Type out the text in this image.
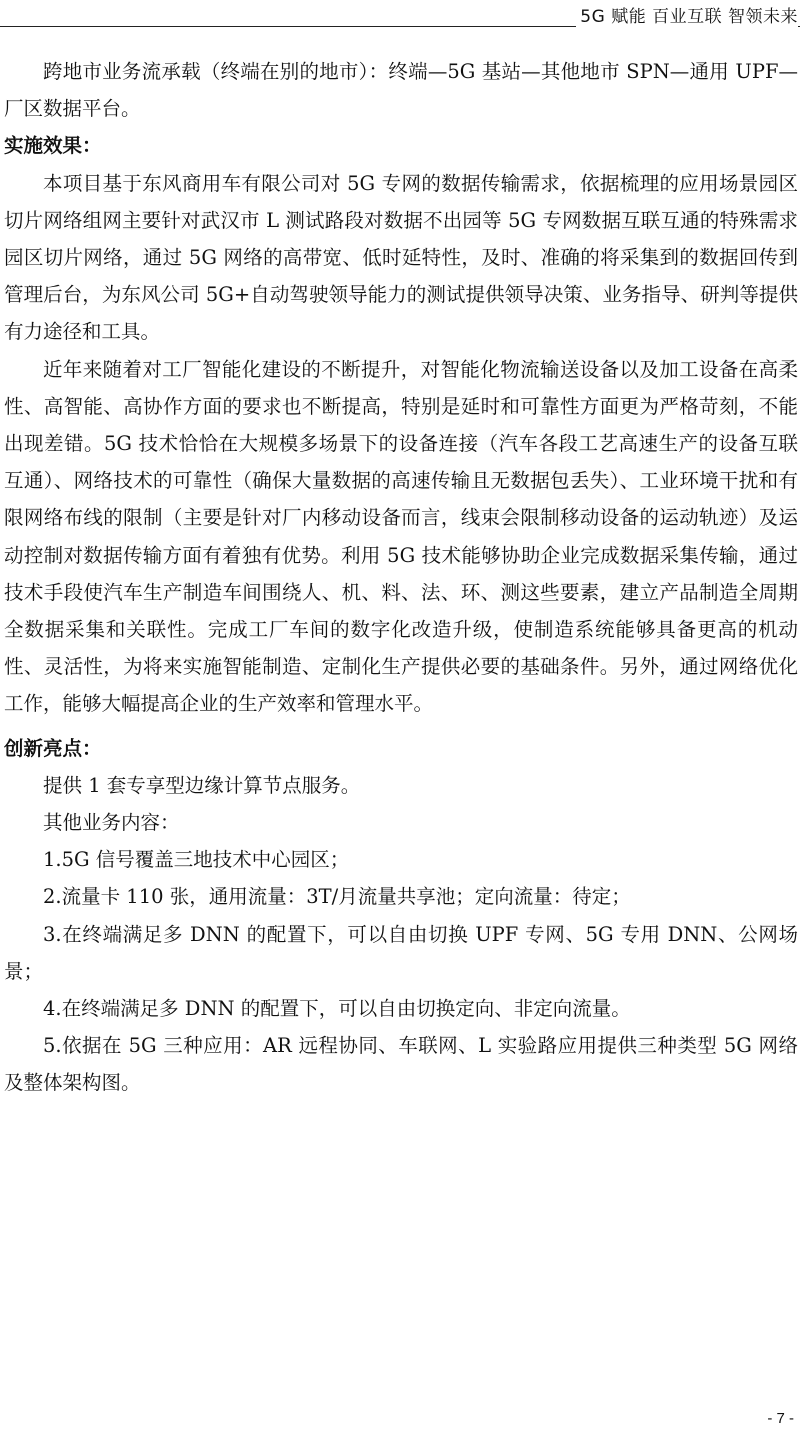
5G 赋能 百业互联 智领未来

跨地市业务流承载（终端在别的地市）：终端—5G 基站—其他地市 SPN—通用 UPF—厂区数据平台。

实施效果：

本项目基于东风商用车有限公司对 5G 专网的数据传输需求，依据梳理的应用场景园区切片网络组网主要针对武汉市 L 测试路段对数据不出园等 5G 专网数据互联互通的特殊需求园区切片网络，通过 5G 网络的高带宽、低时延特性，及时、准确的将采集到的数据回传到管理后台，为东风公司 5G+自动驾驶领导能力的测试提供领导决策、业务指导、研判等提供有力途径和工具。

近年来随着对工厂智能化建设的不断提升，对智能化物流输送设备以及加工设备在高柔性、高智能、高协作方面的要求也不断提高，特别是延时和可靠性方面更为严格苛刻，不能出现差错。5G 技术恰恰在大规模多场景下的设备连接（汽车各段工艺高速生产的设备互联互通）、网络技术的可靠性（确保大量数据的高速传输且无数据包丢失）、工业环境干扰和有限网络布线的限制（主要是针对厂内移动设备而言，线束会限制移动设备的运动轨迹）及运动控制对数据传输方面有着独有优势。利用 5G 技术能够协助企业完成数据采集传输，通过技术手段使汽车生产制造车间围绕人、机、料、法、环、测这些要素，建立产品制造全周期全数据采集和关联性。完成工厂车间的数字化改造升级，使制造系统能够具备更高的机动性、灵活性，为将来实施智能制造、定制化生产提供必要的基础条件。另外，通过网络优化工作，能够大幅提高企业的生产效率和管理水平。

创新亮点：

提供 1 套专享型边缘计算节点服务。

其他业务内容：

1.5G 信号覆盖三地技术中心园区；

2.流量卡 110 张，通用流量：3T/月流量共享池；定向流量：待定；

3.在终端满足多 DNN 的配置下，可以自由切换 UPF 专网、5G 专用 DNN、公网场景；

4.在终端满足多 DNN 的配置下，可以自由切换定向、非定向流量。

5.依据在 5G 三种应用：AR 远程协同、车联网、L 实验路应用提供三种类型 5G 网络及整体架构图。

- 7 -
